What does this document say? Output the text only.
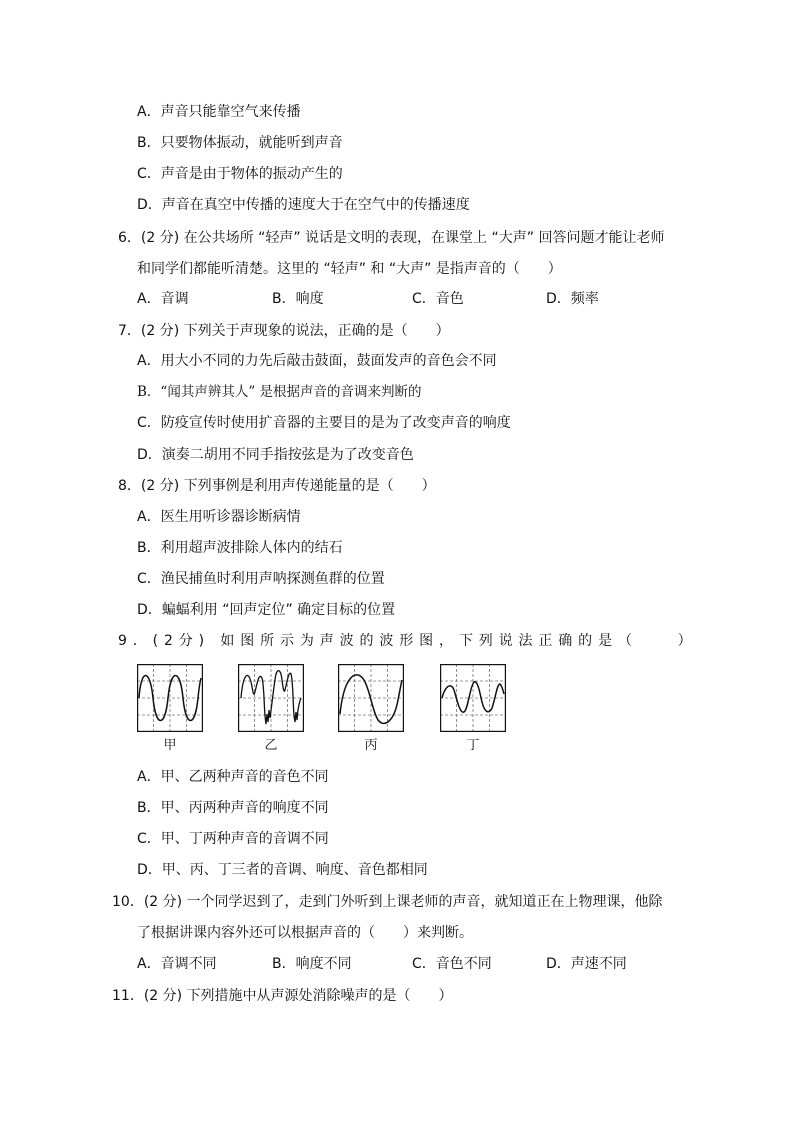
A．声音只能靠空气来传播
B．只要物体振动，就能听到声音
C．声音是由于物体的振动产生的
D．声音在真空中传播的速度大于在空气中的传播速度
6．(2 分) 在公共场所 “轻声” 说话是文明的表现，在课堂上 “大声” 回答问题才能让老师
和同学们都能听清楚。这里的 “轻声” 和 “大声” 是指声音的（　　）
A．音调	B．响度	C．音色	D．频率
7．(2 分) 下列关于声现象的说法，正确的是（　　）
A．用大小不同的力先后敲击鼓面，鼓面发声的音色会不同
B．“闻其声辨其人” 是根据声音的音调来判断的
C．防疫宣传时使用扩音器的主要目的是为了改变声音的响度
D．演奏二胡用不同手指按弦是为了改变音色
8．(2 分) 下列事例是利用声传递能量的是（　　）
A．医生用听诊器诊断病情
B．利用超声波排除人体内的结石
C．渔民捕鱼时利用声呐探测鱼群的位置
D．蝙蝠利用 “回声定位” 确定目标的位置
9．(2分) 如图所示为声波的波形图，下列说法正确的是（　　）
甲	乙	丙	丁
A．甲、乙两种声音的音色不同
B．甲、丙两种声音的响度不同
C．甲、丁两种声音的音调不同
D．甲、丙、丁三者的音调、响度、音色都相同
10．(2 分) 一个同学迟到了，走到门外听到上课老师的声音，就知道正在上物理课，他除
了根据讲课内容外还可以根据声音的（　　）来判断。
A．音调不同	B．响度不同	C．音色不同	D．声速不同
11．(2 分) 下列措施中从声源处消除噪声的是（　　）
